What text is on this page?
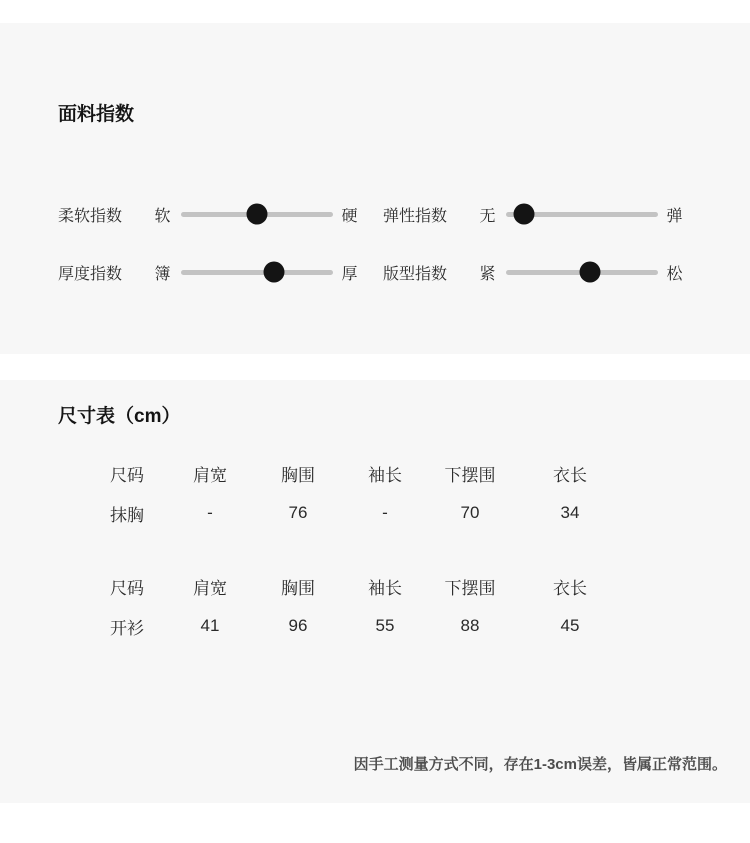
面料指数
柔软指数	软	硬 弹性指数	无	弹
厚度指数	簿	厚 版型指数	紧	松
尺寸表（cm）
尺码	肩宽	胸围	袖长	下摆围	衣长
抹胸	-	76	-	70	34
尺码	肩宽	胸围	袖长	下摆围	衣长
开衫	41	96	55	88	45

因手工测量方式不同，存在1-3cm误差，皆属正常范围。
